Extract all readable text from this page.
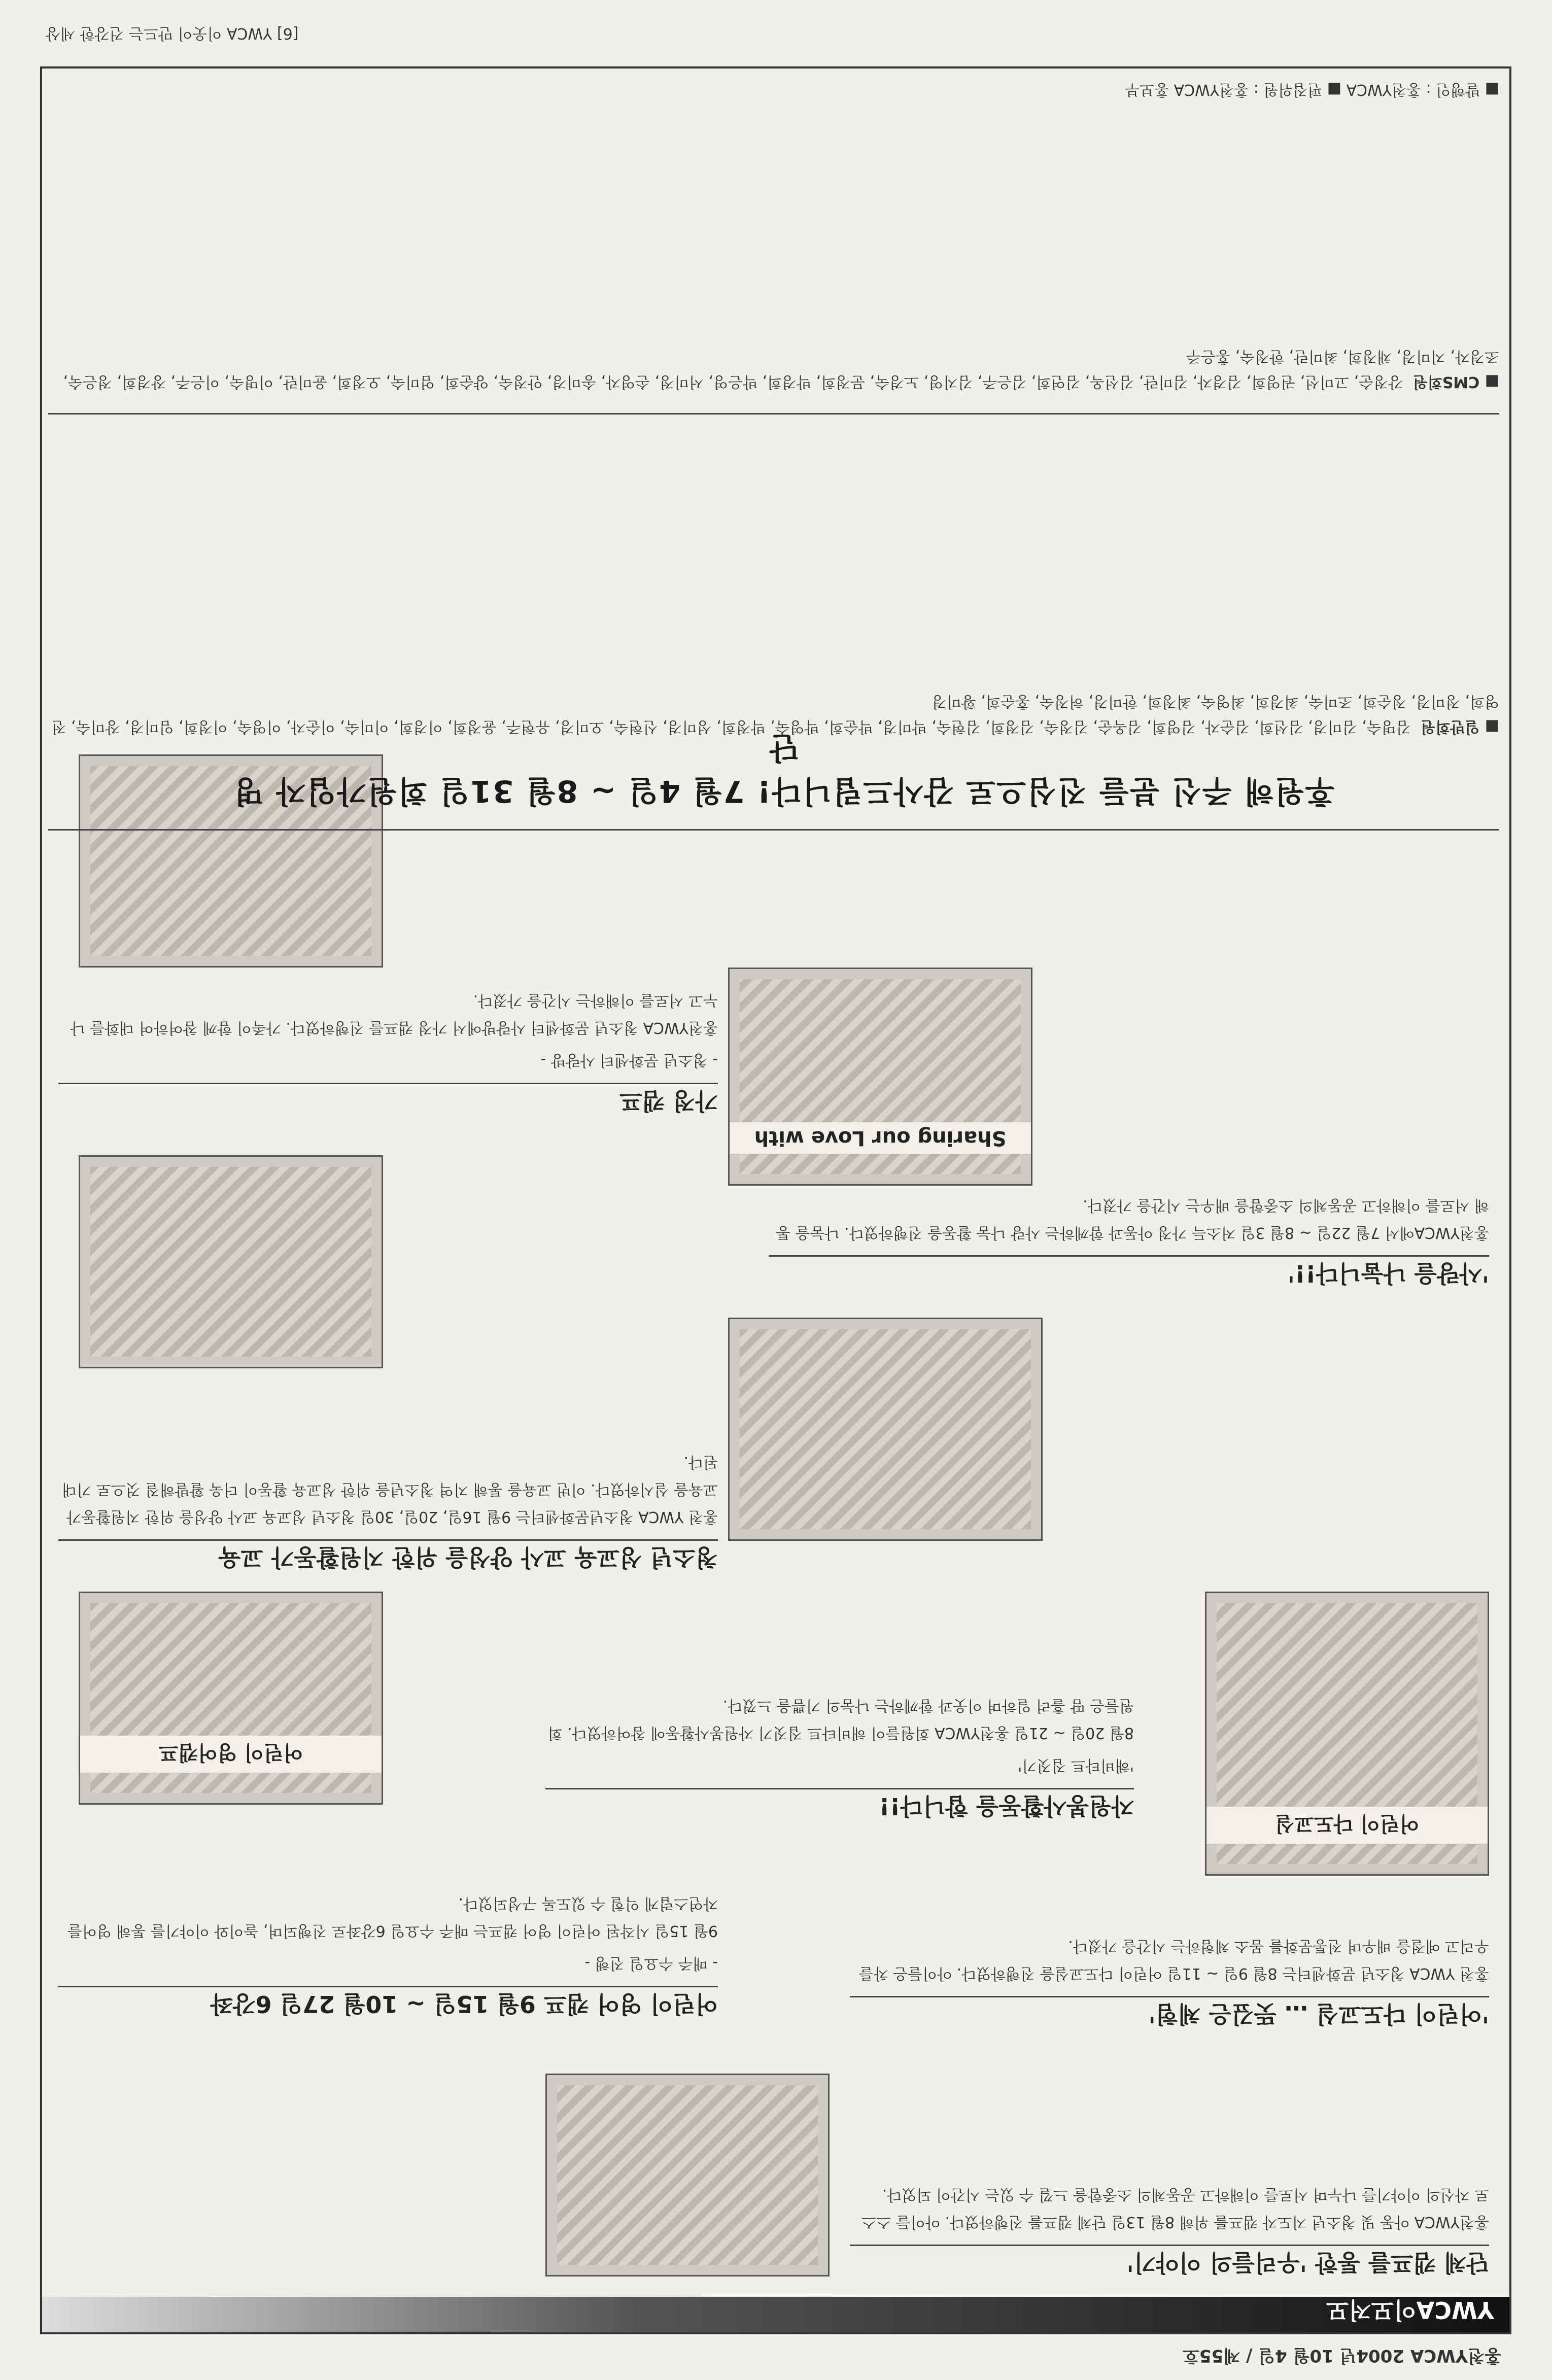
홍천YWCA 2004년 10월 4일 / 제55호
YWCA이모저모
단체 캠프를 통한 '우리들의 이야기'

홍천YWCA 아동 및 청소년 지도자 캠프를 위해 8월 13일 단체 캠프를 진행하였다. 아이들 스스로 자신의 이야기를 나누며 서로를 이해하고 공동체의 소중함을 느낄 수 있는 시간이 되었다.

'어린이 다도교실 … 뜻깊은 체험'

홍천 YWCA 청소년 문화센터는 8월 9일 ~ 11일 어린이 다도교실을 진행하였다. 아이들은 차를 우리고 예절을 배우며 전통문화를 몸소 체험하는 시간을 가졌다.

어린이 다도교실
어린이 영어 캠프 9월 15일 ~ 10월 27일 6강좌
- 매주 수요일 진행 -

9월 15일 시작된 어린이 영어 캠프는 매주 수요일 6강좌로 진행되며, 놀이와 이야기를 통해 영어를 자연스럽게 익힐 수 있도록 구성되었다.

어린이 영어캠프
자원봉사활동을 합니다!!
'해비타트 집짓기'

8월 20일 ~ 21일 홍천YWCA 회원들이 해비타트 집짓기 자원봉사활동에 참여하였다. 회원들은 땀 흘려 일하며 이웃과 함께하는 나눔의 기쁨을 느꼈다.

청소년 성교육 교사 양성을 위한 지원활동가 교육

홍천 YWCA 청소년문화센터는 9월 16일, 20일, 30일 청소년 성교육 교사 양성을 위한 지원활동가 교육을 실시하였다. 이번 교육을 통해 지역 청소년을 위한 성교육 활동이 더욱 활발해질 것으로 기대된다.

'사랑을 나눕니다!!'

홍천YWCA에서 7월 22일 ~ 8월 3일 저소득 가정 아동과 함께하는 사랑 나눔 활동을 진행하였다. 나눔을 통해 서로를 이해하고 공동체의 소중함을 배우는 시간을 가졌다.

Sharing our Love with
가정 캠프
- 청소년 문화센터 사랑방 -

홍천YWCA 청소년 문화센터 사랑방에서 가정 캠프를 진행하였다. 가족이 함께 참여하여 대화를 나누고 서로를 이해하는 시간을 가졌다.

후원해 주신 분들 진심으로 감사드립니다! 7월 4일 ~ 8월 31일 회원가입자 명단
■ 일반회원 김명숙, 김미경, 김선희, 김순자, 김영희, 김옥순, 김정숙, 김정희, 김현숙, 박미경, 박순희, 박영숙, 박정희, 성미경, 신현숙, 오미경, 유현주, 윤정희, 이경희, 이미숙, 이순자, 이영숙, 이정희, 임미경, 장미숙, 전영희, 정미경, 정순희, 조미숙, 최경희, 최영숙, 최정희, 한미경, 허정숙, 홍순희, 황미경
■ CMS회원 강정순, 고미선, 권영희, 김경자, 김미란, 김선옥, 김연희, 김은주, 김지영, 노경숙, 문정희, 박경희, 박은영, 서미정, 손영자, 송미경, 안정숙, 양순희, 엄미숙, 오정희, 윤미란, 이명숙, 이은주, 장경희, 정은숙, 조경자, 지미경, 채정희, 최미란, 한정숙, 홍은주
■ 발행인 : 홍천YWCA ■ 편집위원 : 홍천YWCA 홍보부
[6] YWCA 이웃이 만드는 건강한 세상
